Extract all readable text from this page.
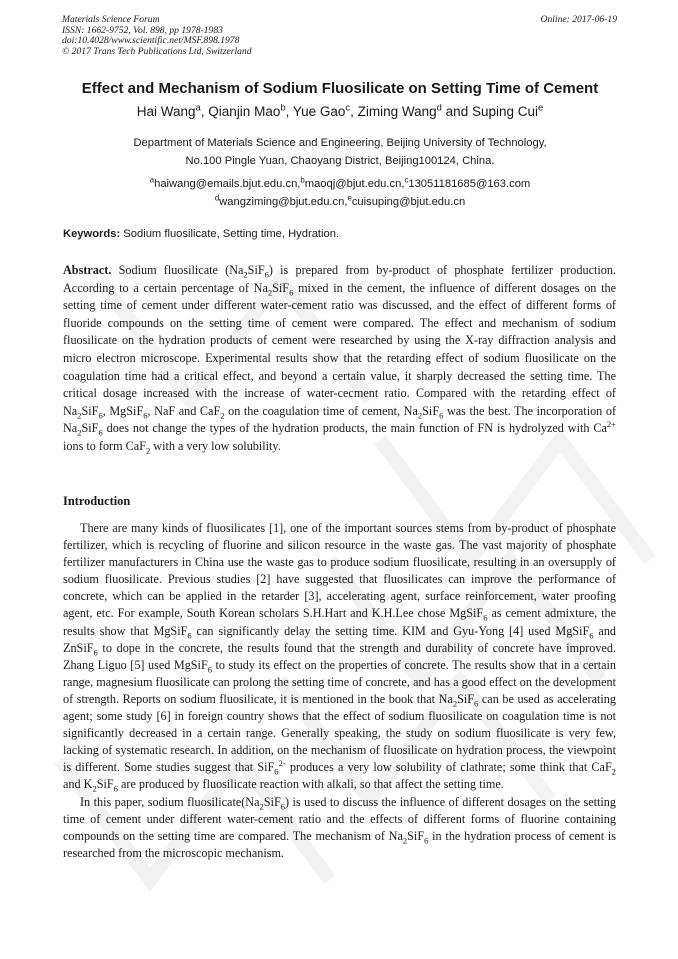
Materials Science Forum
ISSN: 1662-9752, Vol. 898, pp 1978-1983
doi:10.4028/www.scientific.net/MSF.898.1978
© 2017 Trans Tech Publications Ltd, Switzerland
Online: 2017-06-19
Effect and Mechanism of Sodium Fluosilicate on Setting Time of Cement
Hai Wang$^a$, Qianjin Mao$^b$, Yue Gao$^c$, Ziming Wang$^d$ and Suping Cui$^e$
Department of Materials Science and Engineering, Beijing University of Technology,
No.100 Pingle Yuan, Chaoyang District, Beijing100124, China.
$^a$haiwang@emails.bjut.edu.cn,$^b$maoqj@bjut.edu.cn,$^c$13051181685@163.com
$^d$wangziming@bjut.edu.cn,$^e$cuisuping@bjut.edu.cn
Keywords: Sodium fluosilicate, Setting time, Hydration.
Abstract. Sodium fluosilicate $(Na_2SiF_6)$ is prepared from by-product of phosphate fertilizer production. According to a certain percentage of $Na_2SiF_6$ mixed in the cement, the influence of different dosages on the setting time of cement under different water-cement ratio was discussed, and the effect of different forms of fluoride compounds on the setting time of cement were compared. The effect and mechanism of sodium fluosilicate on the hydration products of cement were researched by using the X-ray diffraction analysis and micro electron microscope. Experimental results show that the retarding effect of sodium fluosilicate on the coagulation time had a critical effect, and beyond a certain value, it sharply decreased the setting time. The critical dosage increased with the increase of water-cecment ratio. Compared with the retarding effect of $Na_2SiF_6$, MgSiF$_6$, NaF and CaF$_2$ on the coagulation time of cement, $Na_2SiF_6$ was the best. The incorporation of $Na_2SiF_6$ does not change the types of the hydration products, the main function of FN is hydrolyzed with $Ca^{2+}$ ions to form CaF$_2$ with a very low solubility.
Introduction

There are many kinds of fluosilicates [1], one of the important sources stems from by-product of phosphate fertilizer, which is recycling of fluorine and silicon resource in the waste gas. The vast majority of phosphate fertilizer manufacturers in China use the waste gas to produce sodium fluosilicate, resulting in an oversupply of sodium fluosilicate. Previous studies [2] have suggested that fluosilicates can improve the performance of concrete, which can be applied in the retarder [3], accelerating agent, surface reinforcement, water proofing agent, etc. For example, South Korean scholars S.H.Hart and K.H.Lee chose MgSiF$_6$ as cement admixture, the results show that MgSiF$_6$ can significantly delay the setting time. KIM and Gyu-Yong [4] used MgSiF$_6$ and ZnSiF$_6$ to dope in the concrete, the results found that the strength and durability of concrete have improved. Zhang Liguo [5] used MgSiF$_6$ to study its effect on the properties of concrete. The results show that in a certain range, magnesium fluosilicate can prolong the setting time of concrete, and has a good effect on the development of strength. Reports on sodium fluosilicate, it is mentioned in the book that $Na_2SiF_6$ can be used as accelerating agent; some study [6] in foreign country shows that the effect of sodium fluosilicate on coagulation time is not significantly decreased in a certain range. Generally speaking, the study on sodium fluosilicate is very few, lacking of systematic research. In addition, on the mechanism of fluosilicate on hydration process, the viewpoint is different. Some studies suggest that SiF$_6^{2-}$ produces a very low solubility of clathrate; some think that CaF$_2$ and $K_2SiF_6$ are produced by fluosilicate reaction with alkali, so that affect the setting time.

In this paper, sodium $fluosilicate(Na_2SiF_6)$ is used to discuss the influence of different dosages on the setting time of cement under different water-cement ratio and the effects of different forms of fluorine containing compounds on the setting time are compared. The mechanism of $Na_2SiF_6$ in the hydration process of cement is researched from the microscopic mechanism.
